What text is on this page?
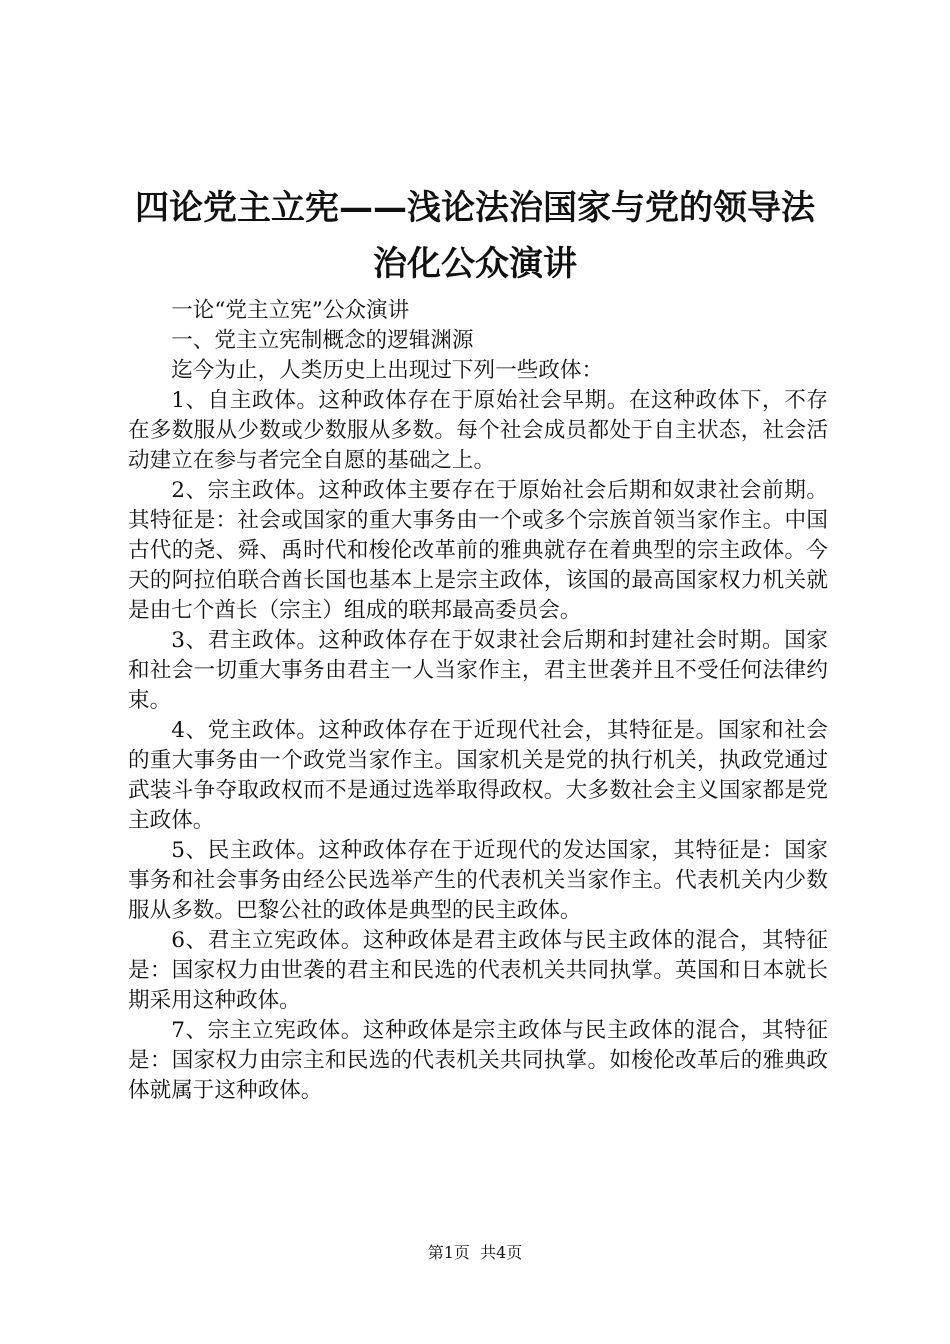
四论党主立宪——浅论法治国家与党的领导法
治化公众演讲

一论“党主立宪”公众演讲

一、党主立宪制概念的逻辑渊源

迄今为止，人类历史上出现过下列一些政体：

1、自主政体。这种政体存在于原始社会早期。在这种政体下，不存在多数服从少数或少数服从多数。每个社会成员都处于自主状态，社会活动建立在参与者完全自愿的基础之上。

2、宗主政体。这种政体主要存在于原始社会后期和奴隶社会前期。其特征是：社会或国家的重大事务由一个或多个宗族首领当家作主。中国古代的尧、舜、禹时代和梭伦改革前的雅典就存在着典型的宗主政体。今天的阿拉伯联合酋长国也基本上是宗主政体，该国的最高国家权力机关就是由七个酋长（宗主）组成的联邦最高委员会。

3、君主政体。这种政体存在于奴隶社会后期和封建社会时期。国家和社会一切重大事务由君主一人当家作主，君主世袭并且不受任何法律约束。

4、党主政体。这种政体存在于近现代社会，其特征是。国家和社会的重大事务由一个政党当家作主。国家机关是党的执行机关，执政党通过武装斗争夺取政权而不是通过选举取得政权。大多数社会主义国家都是党主政体。

5、民主政体。这种政体存在于近现代的发达国家，其特征是：国家事务和社会事务由经公民选举产生的代表机关当家作主。代表机关内少数服从多数。巴黎公社的政体是典型的民主政体。

6、君主立宪政体。这种政体是君主政体与民主政体的混合，其特征是：国家权力由世袭的君主和民选的代表机关共同执掌。英国和日本就长期采用这种政体。

7、宗主立宪政体。这种政体是宗主政体与民主政体的混合，其特征是：国家权力由宗主和民选的代表机关共同执掌。如梭伦改革后的雅典政体就属于这种政体。

第1页 共4页
